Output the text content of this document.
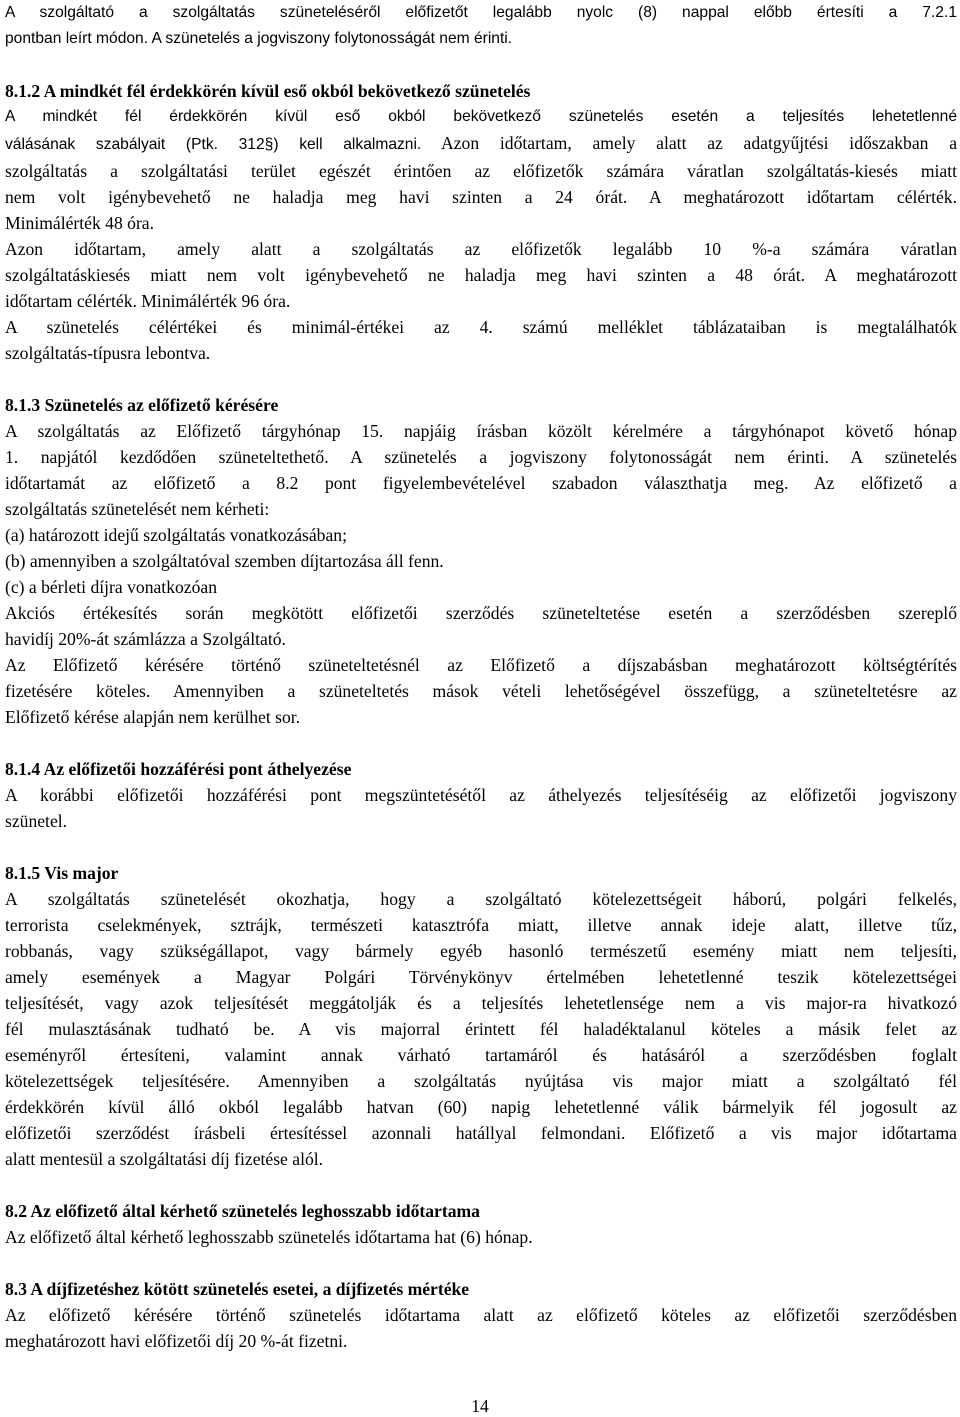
A szolgáltató a szolgáltatás szüneteléséről előfizetőt legalább nyolc (8) nappal előbb értesíti a 7.2.1

pontban leírt módon. A szünetelés a jogviszony folytonosságát nem érinti.

8.1.2 A mindkét fél érdekkörén kívül eső okból bekövetkező szünetelés

A mindkét fél érdekkörén kívül eső okból bekövetkező szünetelés esetén a teljesítés lehetetlenné

válásának szabályait (Ptk. 312§) kell alkalmazni. Azon időtartam, amely alatt az adatgyűjtési időszakban a

szolgáltatás a szolgáltatási terület egészét érintően az előfizetők számára váratlan szolgáltatás-kiesés miatt

nem volt igénybevehető ne haladja meg havi szinten a 24 órát. A meghatározott időtartam célérték.

Minimálérték 48 óra.

Azon időtartam, amely alatt a szolgáltatás az előfizetők legalább 10 %-a számára váratlan

szolgáltatáskiesés miatt nem volt igénybevehető ne haladja meg havi szinten a 48 órát. A meghatározott

időtartam célérték. Minimálérték 96 óra.

A szünetelés célértékei és minimál-értékei az 4. számú melléklet táblázataiban is megtalálhatók

szolgáltatás-típusra lebontva.

8.1.3 Szünetelés az előfizető kérésére

A szolgáltatás az Előfizető tárgyhónap 15. napjáig írásban közölt kérelmére a tárgyhónapot követő hónap

1. napjától kezdődően szüneteltethető. A szünetelés a jogviszony folytonosságát nem érinti. A szünetelés

időtartamát az előfizető a 8.2 pont figyelembevételével szabadon választhatja meg. Az előfizető a

szolgáltatás szünetelését nem kérheti:

(a) határozott idejű szolgáltatás vonatkozásában;

(b) amennyiben a szolgáltatóval szemben díjtartozása áll fenn.

(c) a bérleti díjra vonatkozóan

Akciós értékesítés során megkötött előfizetői szerződés szüneteltetése esetén a szerződésben szereplő

havidíj 20%-át számlázza a Szolgáltató.

Az Előfizető kérésére történő szüneteltetésnél az Előfizető a díjszabásban meghatározott költségtérítés

fizetésére köteles. Amennyiben a szüneteltetés mások vételi lehetőségével összefügg, a szüneteltetésre az

Előfizető kérése alapján nem kerülhet sor.

8.1.4 Az előfizetői hozzáférési pont áthelyezése

A korábbi előfizetői hozzáférési pont megszüntetésétől az áthelyezés teljesítéséig az előfizetői jogviszony

szünetel.

8.1.5 Vis major

A szolgáltatás szünetelését okozhatja, hogy a szolgáltató kötelezettségeit háború, polgári felkelés,

terrorista cselekmények, sztrájk, természeti katasztrófa miatt, illetve annak ideje alatt, illetve tűz,

robbanás, vagy szükségállapot, vagy bármely egyéb hasonló természetű esemény miatt nem teljesíti,

amely események a Magyar Polgári Törvénykönyv értelmében lehetetlenné teszik kötelezettségei

teljesítését, vagy azok teljesítését meggátolják és a teljesítés lehetetlensége nem a vis major-ra hivatkozó

fél mulasztásának tudható be. A vis majorral érintett fél haladéktalanul köteles a másik felet az

eseményről értesíteni, valamint annak várható tartamáról és hatásáról a szerződésben foglalt

kötelezettségek teljesítésére. Amennyiben a szolgáltatás nyújtása vis major miatt a szolgáltató fél

érdekkörén kívül álló okból legalább hatvan (60) napig lehetetlenné válik bármelyik fél jogosult az

előfizetői szerződést írásbeli értesítéssel azonnali hatállyal felmondani. Előfizető a vis major időtartama

alatt mentesül a szolgáltatási díj fizetése alól.

8.2 Az előfizető által kérhető szünetelés leghosszabb időtartama

Az előfizető által kérhető leghosszabb szünetelés időtartama hat (6) hónap.

8.3 A díjfizetéshez kötött szünetelés esetei, a díjfizetés mértéke

Az előfizető kérésére történő szünetelés időtartama alatt az előfizető köteles az előfizetői szerződésben

meghatározott havi előfizetői díj 20 %-át fizetni.

14
